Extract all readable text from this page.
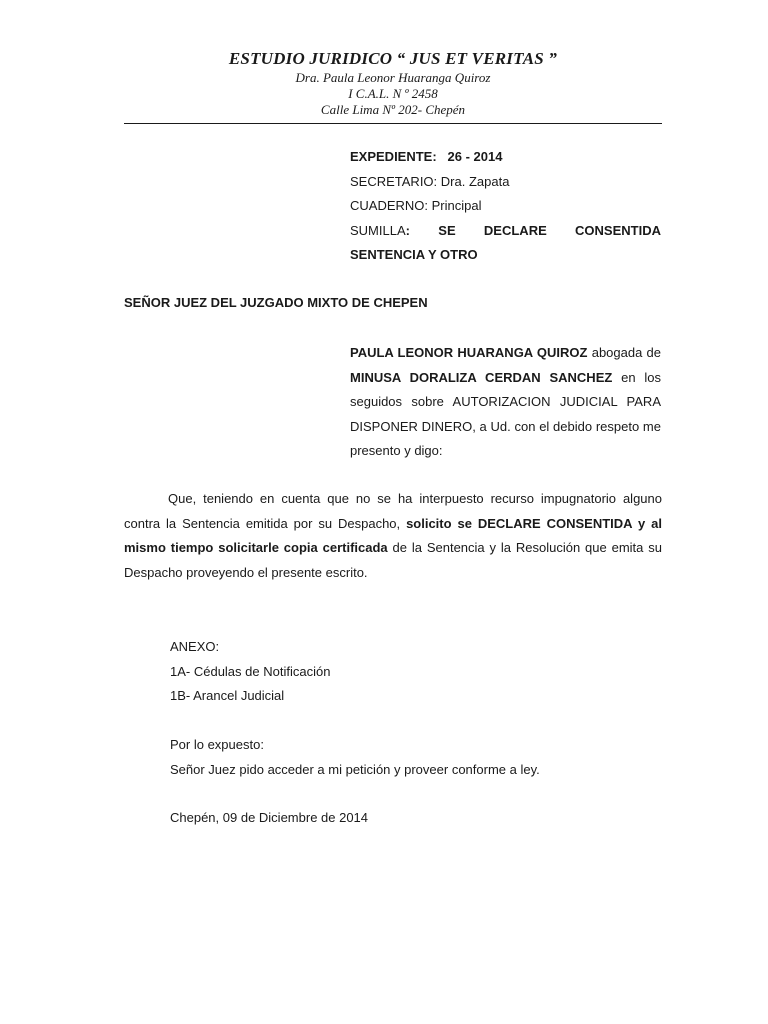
ESTUDIO JURIDICO “ JUS ET VERITAS ”
Dra. Paula Leonor Huaranga Quiroz
I C.A.L. N º 2458
Calle Lima Nº 202- Chepén
EXPEDIENTE: 26 - 2014
SECRETARIO: Dra. Zapata
CUADERNO: Principal
SUMILLA: SE DECLARE CONSENTIDA
SENTENCIA Y OTRO
SEÑOR JUEZ DEL JUZGADO MIXTO DE CHEPEN
PAULA LEONOR HUARANGA QUIROZ abogada de MINUSA DORALIZA CERDAN SANCHEZ en los seguidos sobre AUTORIZACION JUDICIAL PARA DISPONER DINERO, a Ud. con el debido respeto me presento y digo:
Que, teniendo en cuenta que no se ha interpuesto recurso impugnatorio alguno contra la Sentencia emitida por su Despacho, solicito se DECLARE CONSENTIDA y al mismo tiempo solicitarle copia certificada de la Sentencia y la Resolución que emita su Despacho proveyendo el presente escrito.
ANEXO:
1A- Cédulas de Notificación
1B- Arancel Judicial
Por lo expuesto:
Señor Juez pido acceder a mi petición y proveer conforme a ley.
Chepén, 09 de Diciembre de 2014
